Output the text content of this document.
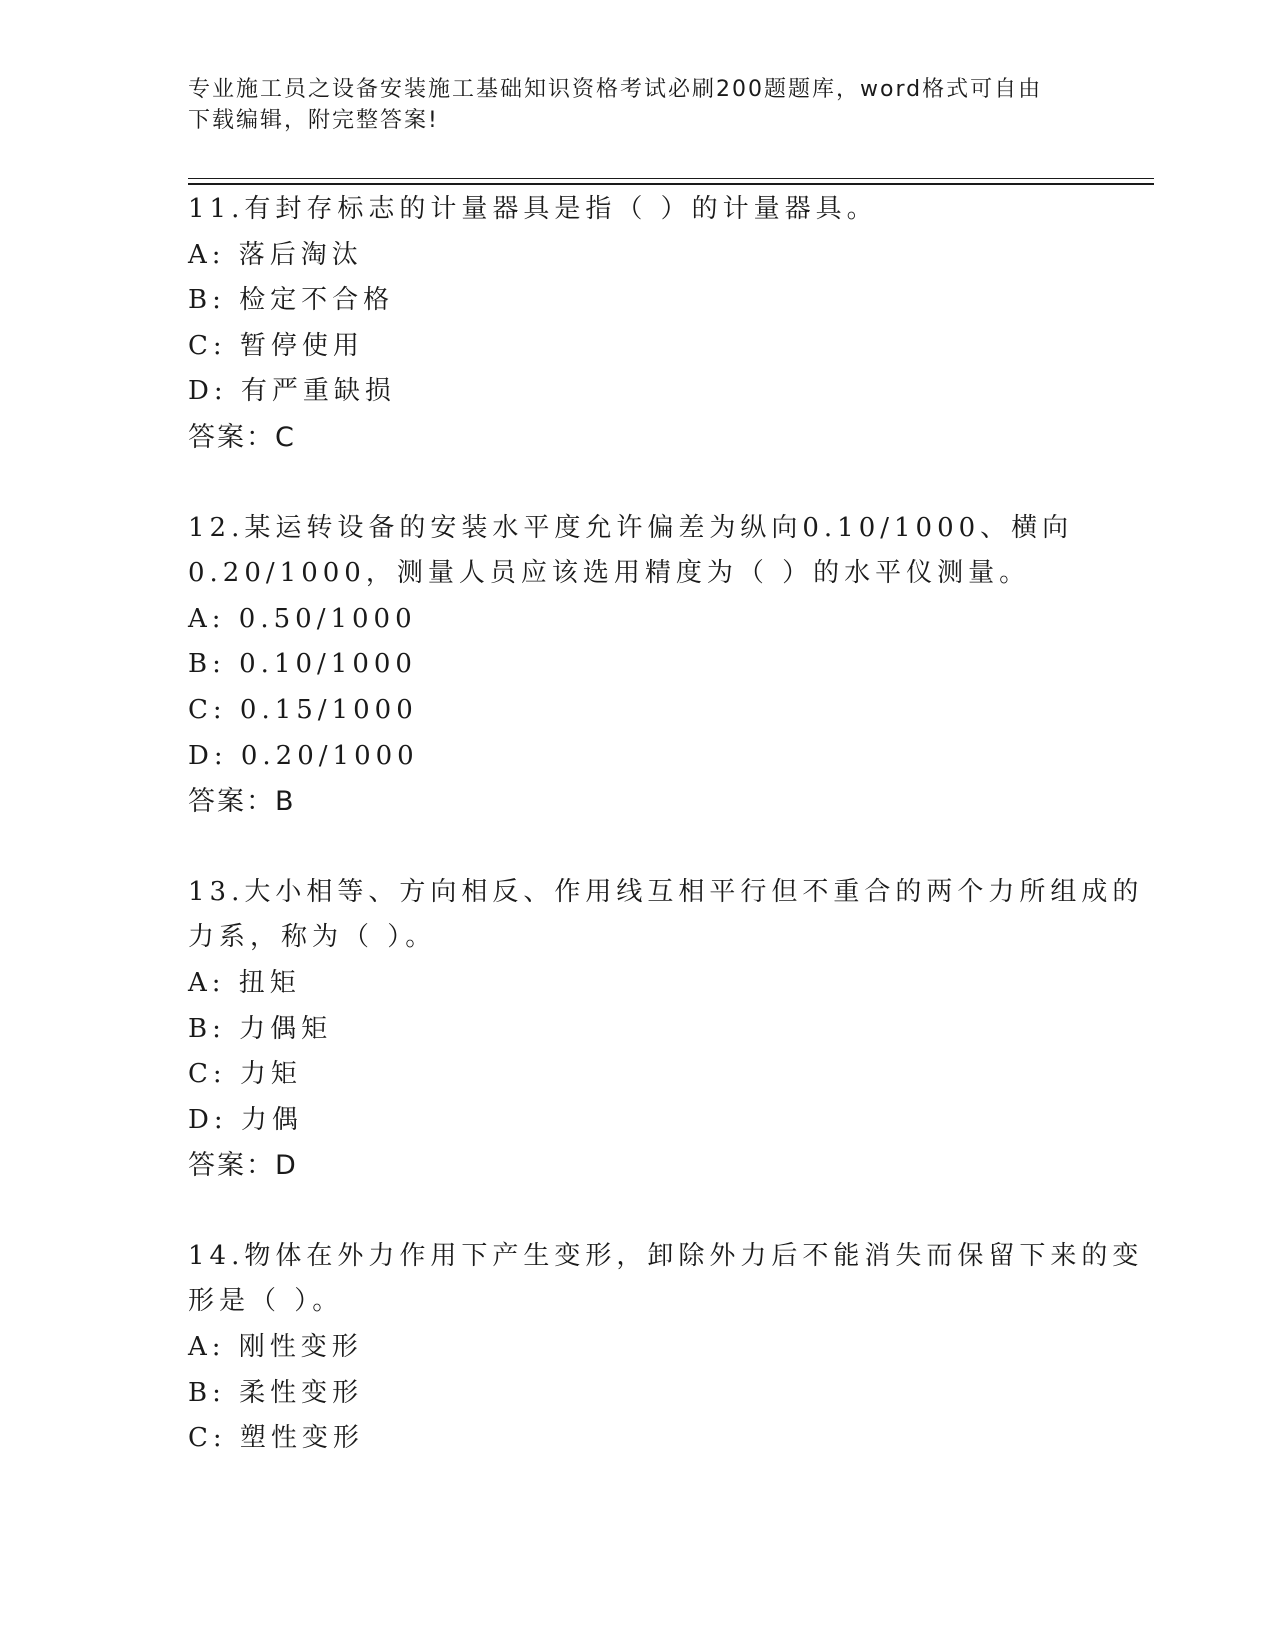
专业施工员之设备安装施工基础知识资格考试必刷200题题库，word格式可自由
下载编辑，附完整答案!
11.有封存标志的计量器具是指（ ）的计量器具。
A: 落后淘汰
B: 检定不合格
C: 暂停使用
D: 有严重缺损
答案：C
12.某运转设备的安装水平度允许偏差为纵向0.10/1000、横向
0.20/1000，测量人员应该选用精度为（ ）的水平仪测量。
A: 0.50/1000
B: 0.10/1000
C: 0.15/1000
D: 0.20/1000
答案：B
13.大小相等、方向相反、作用线互相平行但不重合的两个力所组成的
力系，称为（ ）。
A: 扭矩
B: 力偶矩
C: 力矩
D: 力偶
答案：D
14.物体在外力作用下产生变形，卸除外力后不能消失而保留下来的变
形是（ ）。
A: 刚性变形
B: 柔性变形
C: 塑性变形
